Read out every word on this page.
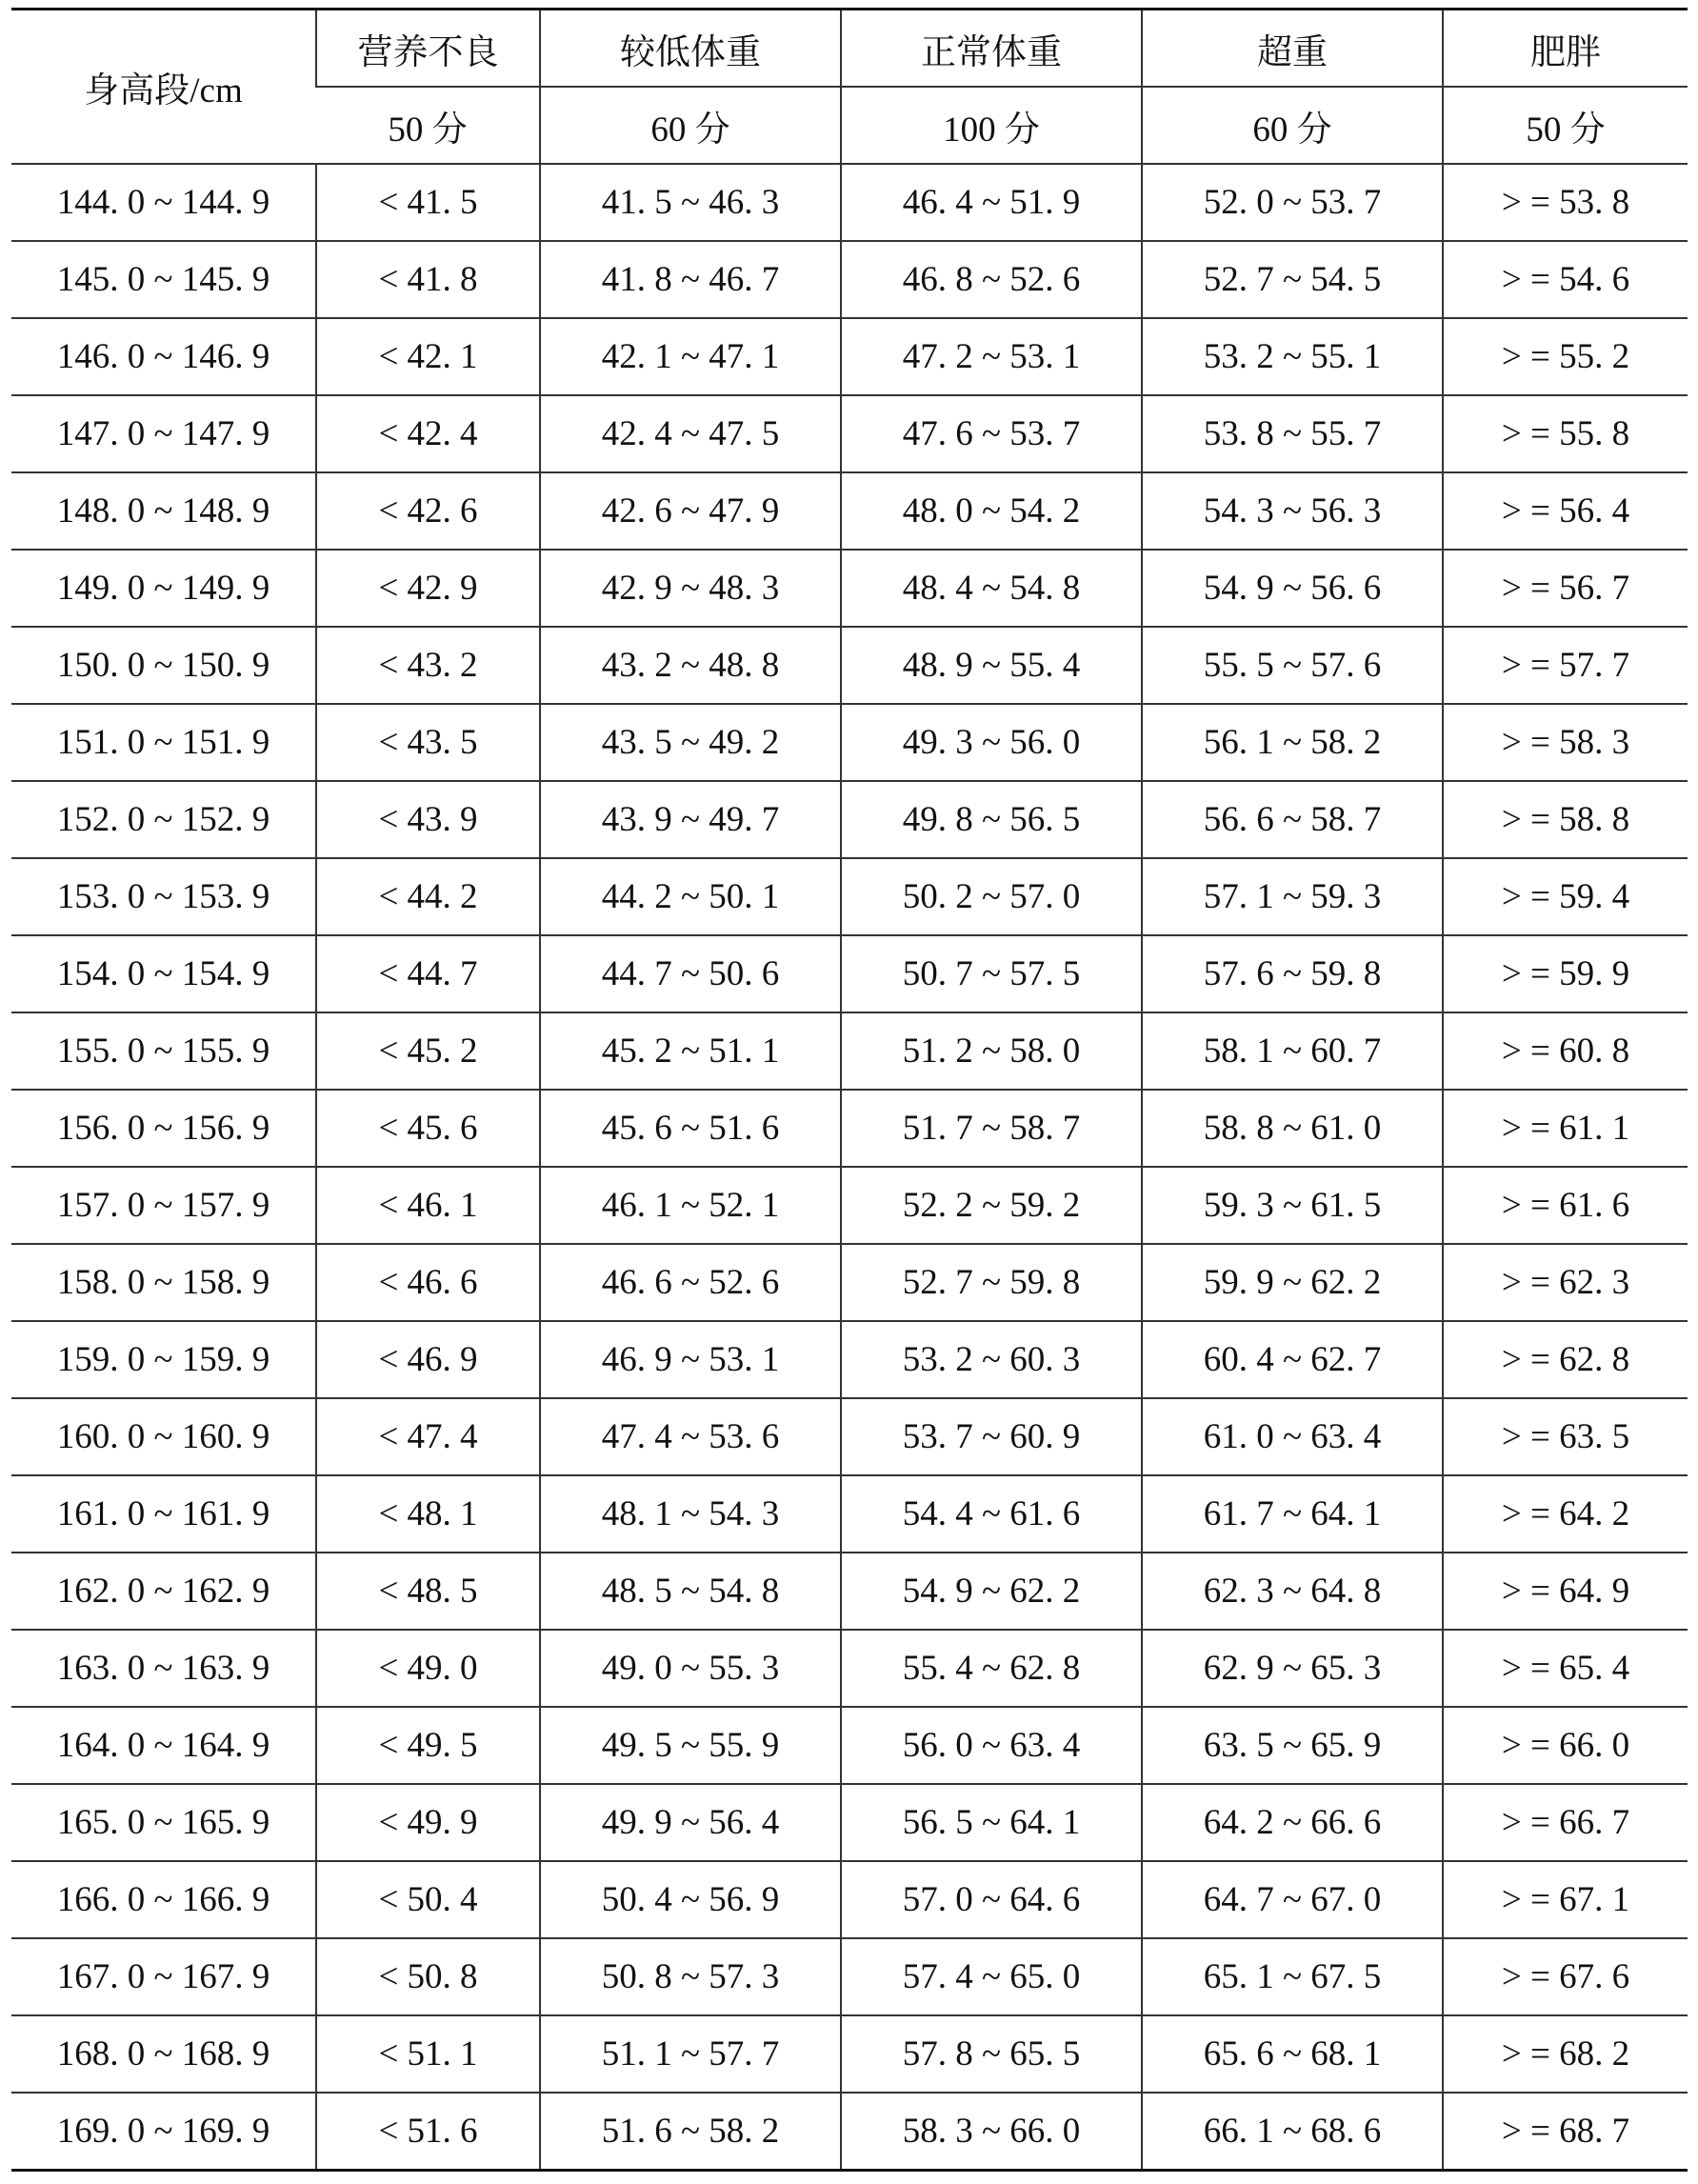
身高段/cm	营养不良	较低体重	正常体重	超重	肥胖
	50 分	60 分	100 分	60 分	50 分
144. 0 ~ 144. 9	< 41. 5	41. 5 ~ 46. 3	46. 4 ~ 51. 9	52. 0 ~ 53. 7	> = 53. 8
145. 0 ~ 145. 9	< 41. 8	41. 8 ~ 46. 7	46. 8 ~ 52. 6	52. 7 ~ 54. 5	> = 54. 6
146. 0 ~ 146. 9	< 42. 1	42. 1 ~ 47. 1	47. 2 ~ 53. 1	53. 2 ~ 55. 1	> = 55. 2
147. 0 ~ 147. 9	< 42. 4	42. 4 ~ 47. 5	47. 6 ~ 53. 7	53. 8 ~ 55. 7	> = 55. 8
148. 0 ~ 148. 9	< 42. 6	42. 6 ~ 47. 9	48. 0 ~ 54. 2	54. 3 ~ 56. 3	> = 56. 4
149. 0 ~ 149. 9	< 42. 9	42. 9 ~ 48. 3	48. 4 ~ 54. 8	54. 9 ~ 56. 6	> = 56. 7
150. 0 ~ 150. 9	< 43. 2	43. 2 ~ 48. 8	48. 9 ~ 55. 4	55. 5 ~ 57. 6	> = 57. 7
151. 0 ~ 151. 9	< 43. 5	43. 5 ~ 49. 2	49. 3 ~ 56. 0	56. 1 ~ 58. 2	> = 58. 3
152. 0 ~ 152. 9	< 43. 9	43. 9 ~ 49. 7	49. 8 ~ 56. 5	56. 6 ~ 58. 7	> = 58. 8
153. 0 ~ 153. 9	< 44. 2	44. 2 ~ 50. 1	50. 2 ~ 57. 0	57. 1 ~ 59. 3	> = 59. 4
154. 0 ~ 154. 9	< 44. 7	44. 7 ~ 50. 6	50. 7 ~ 57. 5	57. 6 ~ 59. 8	> = 59. 9
155. 0 ~ 155. 9	< 45. 2	45. 2 ~ 51. 1	51. 2 ~ 58. 0	58. 1 ~ 60. 7	> = 60. 8
156. 0 ~ 156. 9	< 45. 6	45. 6 ~ 51. 6	51. 7 ~ 58. 7	58. 8 ~ 61. 0	> = 61. 1
157. 0 ~ 157. 9	< 46. 1	46. 1 ~ 52. 1	52. 2 ~ 59. 2	59. 3 ~ 61. 5	> = 61. 6
158. 0 ~ 158. 9	< 46. 6	46. 6 ~ 52. 6	52. 7 ~ 59. 8	59. 9 ~ 62. 2	> = 62. 3
159. 0 ~ 159. 9	< 46. 9	46. 9 ~ 53. 1	53. 2 ~ 60. 3	60. 4 ~ 62. 7	> = 62. 8
160. 0 ~ 160. 9	< 47. 4	47. 4 ~ 53. 6	53. 7 ~ 60. 9	61. 0 ~ 63. 4	> = 63. 5
161. 0 ~ 161. 9	< 48. 1	48. 1 ~ 54. 3	54. 4 ~ 61. 6	61. 7 ~ 64. 1	> = 64. 2
162. 0 ~ 162. 9	< 48. 5	48. 5 ~ 54. 8	54. 9 ~ 62. 2	62. 3 ~ 64. 8	> = 64. 9
163. 0 ~ 163. 9	< 49. 0	49. 0 ~ 55. 3	55. 4 ~ 62. 8	62. 9 ~ 65. 3	> = 65. 4
164. 0 ~ 164. 9	< 49. 5	49. 5 ~ 55. 9	56. 0 ~ 63. 4	63. 5 ~ 65. 9	> = 66. 0
165. 0 ~ 165. 9	< 49. 9	49. 9 ~ 56. 4	56. 5 ~ 64. 1	64. 2 ~ 66. 6	> = 66. 7
166. 0 ~ 166. 9	< 50. 4	50. 4 ~ 56. 9	57. 0 ~ 64. 6	64. 7 ~ 67. 0	> = 67. 1
167. 0 ~ 167. 9	< 50. 8	50. 8 ~ 57. 3	57. 4 ~ 65. 0	65. 1 ~ 67. 5	> = 67. 6
168. 0 ~ 168. 9	< 51. 1	51. 1 ~ 57. 7	57. 8 ~ 65. 5	65. 6 ~ 68. 1	> = 68. 2
169. 0 ~ 169. 9	< 51. 6	51. 6 ~ 58. 2	58. 3 ~ 66. 0	66. 1 ~ 68. 6	> = 68. 7
